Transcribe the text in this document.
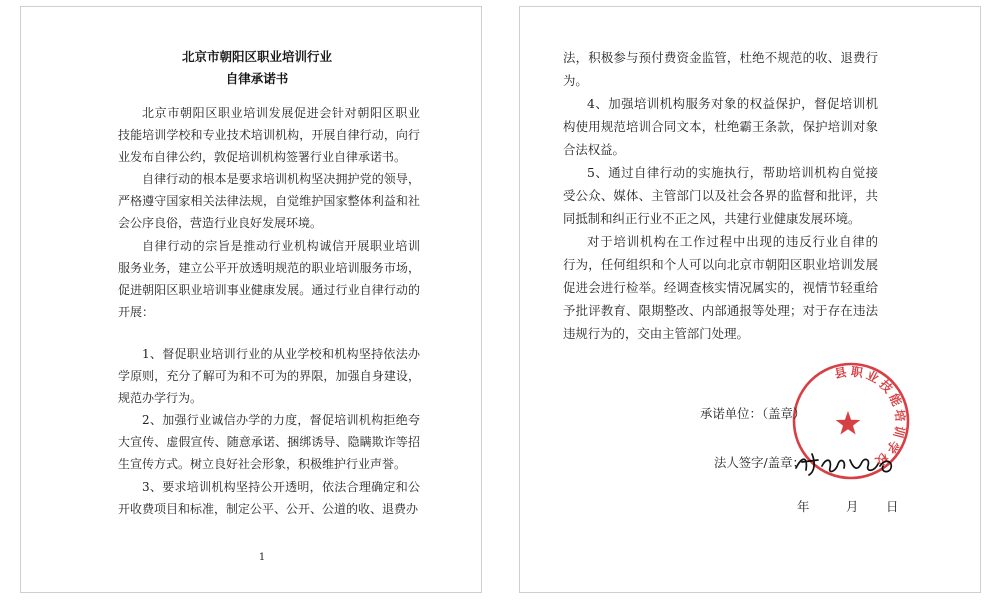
北京市朝阳区职业培训行业
自律承诺书
北京市朝阳区职业培训发展促进会针对朝阳区职业
技能培训学校和专业技术培训机构，开展自律行动，向行
业发布自律公约，敦促培训机构签署行业自律承诺书。
自律行动的根本是要求培训机构坚决拥护党的领导，
严格遵守国家相关法律法规，自觉维护国家整体利益和社
会公序良俗，营造行业良好发展环境。
自律行动的宗旨是推动行业机构诚信开展职业培训
服务业务，建立公平开放透明规范的职业培训服务市场，
促进朝阳区职业培训事业健康发展。通过行业自律行动的
开展：
1、督促职业培训行业的从业学校和机构坚持依法办
学原则，充分了解可为和不可为的界限，加强自身建设，
规范办学行为。
2、加强行业诚信办学的力度，督促培训机构拒绝夸
大宣传、虚假宣传、随意承诺、捆绑诱导、隐瞒欺诈等招
生宣传方式。树立良好社会形象，积极维护行业声誉。
3、要求培训机构坚持公开透明，依法合理确定和公
开收费项目和标准，制定公平、公开、公道的收、退费办
1
法，积极参与预付费资金监管，杜绝不规范的收、退费行
为。
4、加强培训机构服务对象的权益保护，督促培训机
构使用规范培训合同文本，杜绝霸王条款，保护培训对象
合法权益。
5、通过自律行动的实施执行，帮助培训机构自觉接
受公众、媒体、主管部门以及社会各界的监督和批评，共
同抵制和纠正行业不正之风，共建行业健康发展环境。
对于培训机构在工作过程中出现的违反行业自律的
行为，任何组织和个人可以向北京市朝阳区职业培训发展
促进会进行检举。经调查核实情况属实的，视情节轻重给
予批评教育、限期整改、内部通报等处理；对于存在违法
违规行为的，交由主管部门处理。
承诺单位：（盖章）
法人签字/盖章：
年	月 日
县职业技能培训学校
